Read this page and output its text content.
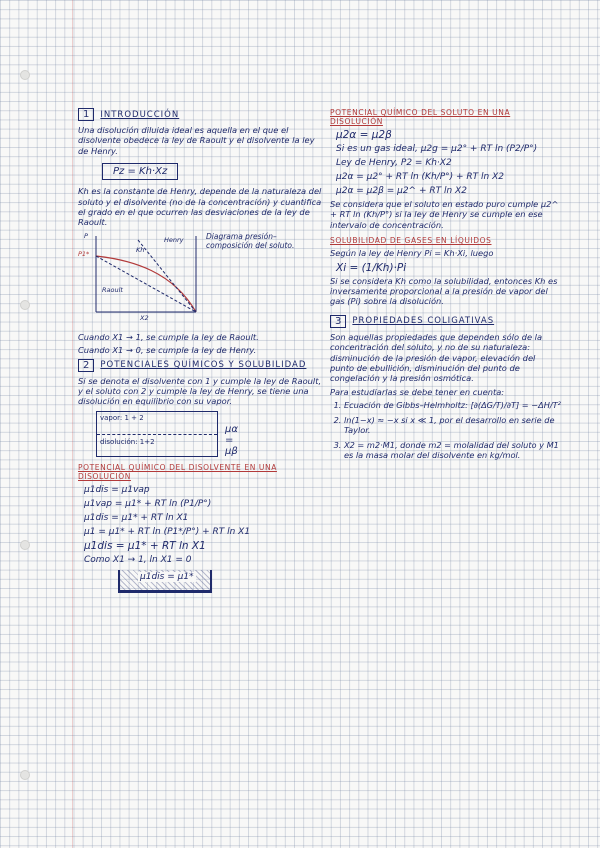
1	INTRODUCCIÓN

Una disolución diluida ideal es aquella en el que el disolvente obedece la ley de Raoult y el disolvente la ley de Henry.

Pz = Kh·Xz

Kh es la constante de Henry, depende de la naturaleza del soluto y el disolvente (no de la concentración) y cuantifica el grado en el que ocurren las desviaciones de la ley de Raoult.

P
P1*	Kh
Henry
Raoult
X2
Diagrama presión–composición del soluto.

Cuando X1 → 1, se cumple la ley de Raoult.

Cuando X1 → 0, se cumple la ley de Henry.

2	POTENCIALES QUÍMICOS Y SOLUBILIDAD

Si se denota el disolvente con 1 y cumple la ley de Raoult, y el soluto con 2 y cumple la ley de Henry, se tiene una disolución en equilibrio con su vapor.

vapor: 1 + 2
disolución: 1+2
μα = μβ
POTENCIAL QUÍMICO DEL DISOLVENTE EN UNA DISOLUCIÓN
μ1dis = μ1vap
μ1vap = μ1* + RT ln (P1/P°)
μ1dis = μ1* + RT ln X1
μ1 = μ1* + RT ln (P1*/P°) + RT ln X1
μ1dis = μ1* + RT ln X1
Como X1 → 1, ln X1 = 0
μ1dis = μ1*
POTENCIAL QUÍMICO DEL SOLUTO EN UNA DISOLUCIÓN
μ2α = μ2β
Si es un gas ideal, μ2g = μ2° + RT ln (P2/P°)
Ley de Henry, P2 = Kh·X2
μ2α = μ2° + RT ln (Kh/P°) + RT ln X2
μ2α = μ2β = μ2^ + RT ln X2

Se considera que el soluto en estado puro cumple μ2^ + RT ln (Kh/P°) si la ley de Henry se cumple en ese intervalo de concentración.

SOLUBILIDAD DE GASES EN LÍQUIDOS

Según la ley de Henry Pi = Kh·Xi, luego

Xi = (1/Kh)·Pi

Si se considera Kh como la solubilidad, entonces Kh es inversamente proporcional a la presión de vapor del gas (Pi) sobre la disolución.

3	PROPIEDADES COLIGATIVAS

Son aquellas propiedades que dependen sólo de la concentración del soluto, y no de su naturaleza: disminución de la presión de vapor, elevación del punto de ebullición, disminución del punto de congelación y la presión osmótica.

Para estudiarlas se debe tener en cuenta:

1. Ecuación de Gibbs–Helmholtz: [∂(ΔG/T)/∂T] = −ΔH/T²
2. ln(1−x) ≈ −x si x ≪ 1, por el desarrollo en serie de Taylor.
3. X2 = m2·M1, donde m2 = molalidad del soluto y M1 es la masa molar del disolvente en kg/mol.
